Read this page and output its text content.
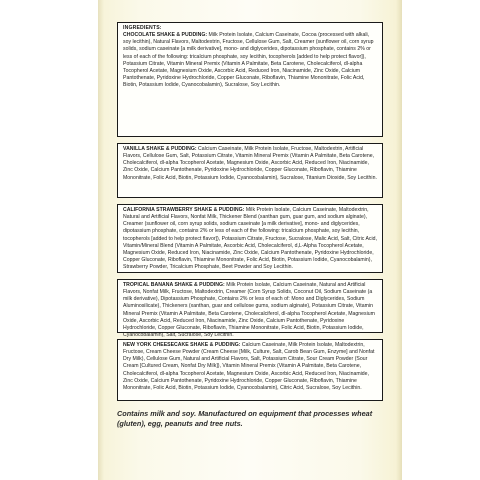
INGREDIENTS:
CHOCOLATE SHAKE & PUDDING: Milk Protein Isolate, Calcium Caseinate, Cocoa (processed with alkali, soy lecithin), Natural Flavors, Maltodextrin, Fructose, Cellulose Gum, Salt, Creamer (sunflower oil, corn syrup solids, sodium caseinate [a milk derivative], mono- and diglycerides, dipotassium phosphate, contains 2% or less of each of the following: tricalcium phosphate, soy lecithin, tocopherols [added to help protect flavor]), Potassium Citrate, Vitamin Mineral Premix (Vitamin A Palmitate, Beta Carotene, Cholecalciferol, dl-alpha Tocopherol Acetate, Magnesium Oxide, Ascorbic Acid, Reduced Iron, Niacinamide, Zinc Oxide, Calcium Pantothenate, Pyridoxine Hydrochloride, Copper Gluconate, Riboflavin, Thiamine Mononitrate, Folic Acid, Biotin, Potassium Iodide, Cyanocobalamin), Sucralose, Soy Lecithin.

VANILLA SHAKE & PUDDING: Calcium Caseinate, Milk Protein Isolate, Fructose, Maltodextrin, Artificial Flavors, Cellulose Gum, Salt, Potassium Citrate, Vitamin Mineral Premix (Vitamin A Palmitate, Beta Carotene, Cholecalciferol, dl-alpha Tocopherol Acetate, Magnesium Oxide, Ascorbic Acid, Reduced Iron, Niacinamide, Zinc Oxide, Calcium Pantothenate, Pyridoxine Hydrochloride, Copper Gluconate, Riboflavin, Thiamine Mononitrate, Folic Acid, Biotin, Potassium Iodide, Cyanocobalamin), Sucralose, Titanium Dioxide, Soy Lecithin.

CALIFORNIA STRAWBERRY SHAKE & PUDDING: Milk Protein Isolate, Calcium Caseinate, Maltodextrin, Natural and Artificial Flavors, Nonfat Milk, Thickener Blend (xanthan gum, guar gum, and sodium alginate), Creamer (sunflower oil, corn syrup solids, sodium caseinate [a milk derivative], mono- and diglycerides, dipotassium phosphate, contains 2% or less of each of the following: tricalcium phosphate, soy lecithin, tocopherols [added to help protect flavor]), Potassium Citrate, Fructose, Sucralose, Malic Acid, Salt, Citric Acid, Vitamin/Mineral Blend (Vitamin A Palmitate, Ascorbic Acid, Cholecalciferol, d,L-Alpha Tocopherol Acetate, Magnesium Oxide, Reduced Iron, Niacinamide, Zinc Oxide, Calcium Pantothenate, Pyridoxine Hydrochloride, Copper Gluconate, Riboflavin, Thiamine Mononitrate, Folic Acid, Biotin, Potassium Iodide, Cyanocobalamin), Strawberry Powder, Tricalcium Phosphate, Beet Powder and Soy Lecithin.

TROPICAL BANANA SHAKE & PUDDING: Milk Protein Isolate, Calcium Caseinate, Natural and Artificial Flavors, Nonfat Milk, Fructose, Maltodextrin, Creamer (Corn Syrup Solids, Coconut Oil, Sodium Caseinate (a milk derivative), Dipotassium Phosphate, Contains 2% or less of each of: Mono and Diglycerides, Sodium Aluminosilicate), Thickeners (xanthan, guar and cellulose gums, sodium alginate), Potassium Citrate, Vitamin Mineral Premix (Vitamin A Palmitate, Beta Carotene, Cholecalciferol, dl-alpha Tocopherol Acetate, Magnesium Oxide, Ascorbic Acid, Reduced Iron, Niacinamide, Zinc Oxide, Calcium Pantothenate, Pyridoxine Hydrochloride, Copper Gluconate, Riboflavin, Thiamine Mononitrate, Folic Acid, Biotin, Potassium Iodide, Cyanocobalamin), Salt, Sucralose, Soy Lecithin.

NEW YORK CHEESECAKE SHAKE & PUDDING: Calcium Caseinate, Milk Protein Isolate, Maltodextrin, Fructose, Cream Cheese Powder (Cream Cheese [Milk, Culture, Salt, Carob Bean Gum, Enzyme] and Nonfat Dry Milk), Cellulose Gum, Natural and Artificial Flavors, Salt, Potassium Citrate, Sour Cream Powder (Sour Cream [Cultured Cream, Nonfat Dry Milk]), Vitamin Mineral Premix (Vitamin A Palmitate, Beta Carotene, Cholecalciferol, dl-alpha Tocopherol Acetate, Magnesium Oxide, Ascorbic Acid, Reduced Iron, Niacinamide, Zinc Oxide, Calcium Pantothenate, Pyridoxine Hydrochloride, Copper Gluconate, Riboflavin, Thiamine Mononitrate, Folic Acid, Biotin, Potassium Iodide, Cyanocobalamin), Citric Acid, Sucralose, Soy Lecithin.

Contains milk and soy. Manufactured on equipment that processes wheat (gluten), egg, peanuts and tree nuts.
